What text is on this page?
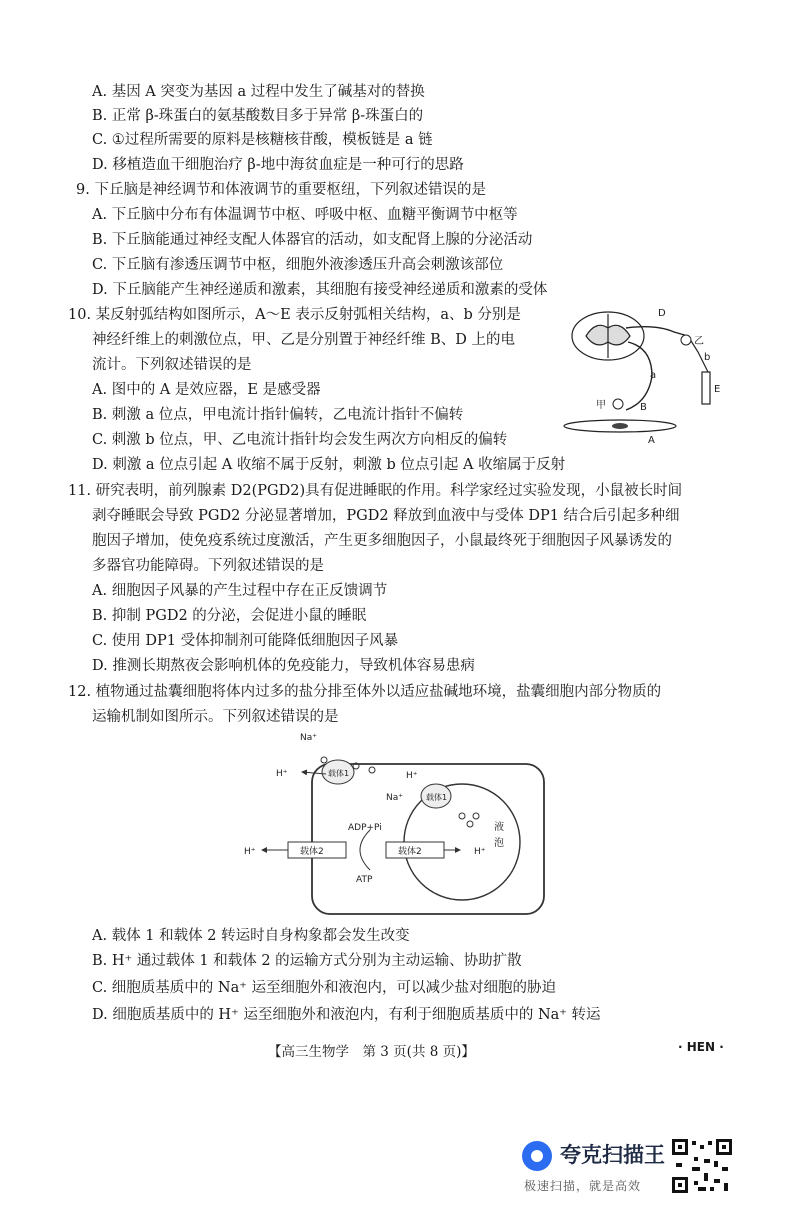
A. 基因 A 突变为基因 a 过程中发生了碱基对的替换
B. 正常 β-珠蛋白的氨基酸数目多于异常 β-珠蛋白的
C. ①过程所需要的原料是核糖核苷酸，模板链是 a 链
D. 移植造血干细胞治疗 β-地中海贫血症是一种可行的思路
9. 下丘脑是神经调节和体液调节的重要枢纽，下列叙述错误的是
A. 下丘脑中分布有体温调节中枢、呼吸中枢、血糖平衡调节中枢等
B. 下丘脑能通过神经支配人体器官的活动，如支配肾上腺的分泌活动
C. 下丘脑有渗透压调节中枢，细胞外液渗透压升高会刺激该部位
D. 下丘脑能产生神经递质和激素，其细胞有接受神经递质和激素的受体
10. 某反射弧结构如图所示，A～E 表示反射弧相关结构，a、b 分别是
神经纤维上的刺激位点，甲、乙是分别置于神经纤维 B、D 上的电
流计。下列叙述错误的是
A. 图中的 A 是效应器，E 是感受器
B. 刺激 a 位点，甲电流计指针偏转，乙电流计指针不偏转
C. 刺激 b 位点，甲、乙电流计指针均会发生两次方向相反的偏转
D. 刺激 a 位点引起 A 收缩不属于反射，刺激 b 位点引起 A 收缩属于反射
11. 研究表明，前列腺素 D2(PGD2)具有促进睡眠的作用。科学家经过实验发现，小鼠被长时间
剥夺睡眠会导致 PGD2 分泌显著增加，PGD2 释放到血液中与受体 DP1 结合后引起多种细
胞因子增加，使免疫系统过度激活，产生更多细胞因子，小鼠最终死于细胞因子风暴诱发的
多器官功能障碍。下列叙述错误的是
A. 细胞因子风暴的产生过程中存在正反馈调节
B. 抑制 PGD2 的分泌，会促进小鼠的睡眠
C. 使用 DP1 受体抑制剂可能降低细胞因子风暴
D. 推测长期熬夜会影响机体的免疫能力，导致机体容易患病
12. 植物通过盐囊细胞将体内过多的盐分排至体外以适应盐碱地环境，盐囊细胞内部分物质的
运输机制如图所示。下列叙述错误的是
A. 载体 1 和载体 2 转运时自身构象都会发生改变
B. H⁺ 通过载体 1 和载体 2 的运输方式分别为主动运输、协助扩散
C. 细胞质基质中的 Na⁺ 运至细胞外和液泡内，可以减少盐对细胞的胁迫
D. 细胞质基质中的 H⁺ 运至细胞外和液泡内，有利于细胞质基质中的 Na⁺ 转运
D
乙
b
E
a
甲	B
A
Na⁺
H⁺	载体1	H⁺
Na⁺	载体1
ADP+Pi
ATP
载体2	载体2
H⁺	H⁺
液
泡
【高三生物学　第 3 页(共 8 页)】	· HEN ·
夸克扫描王
极速扫描，就是高效
